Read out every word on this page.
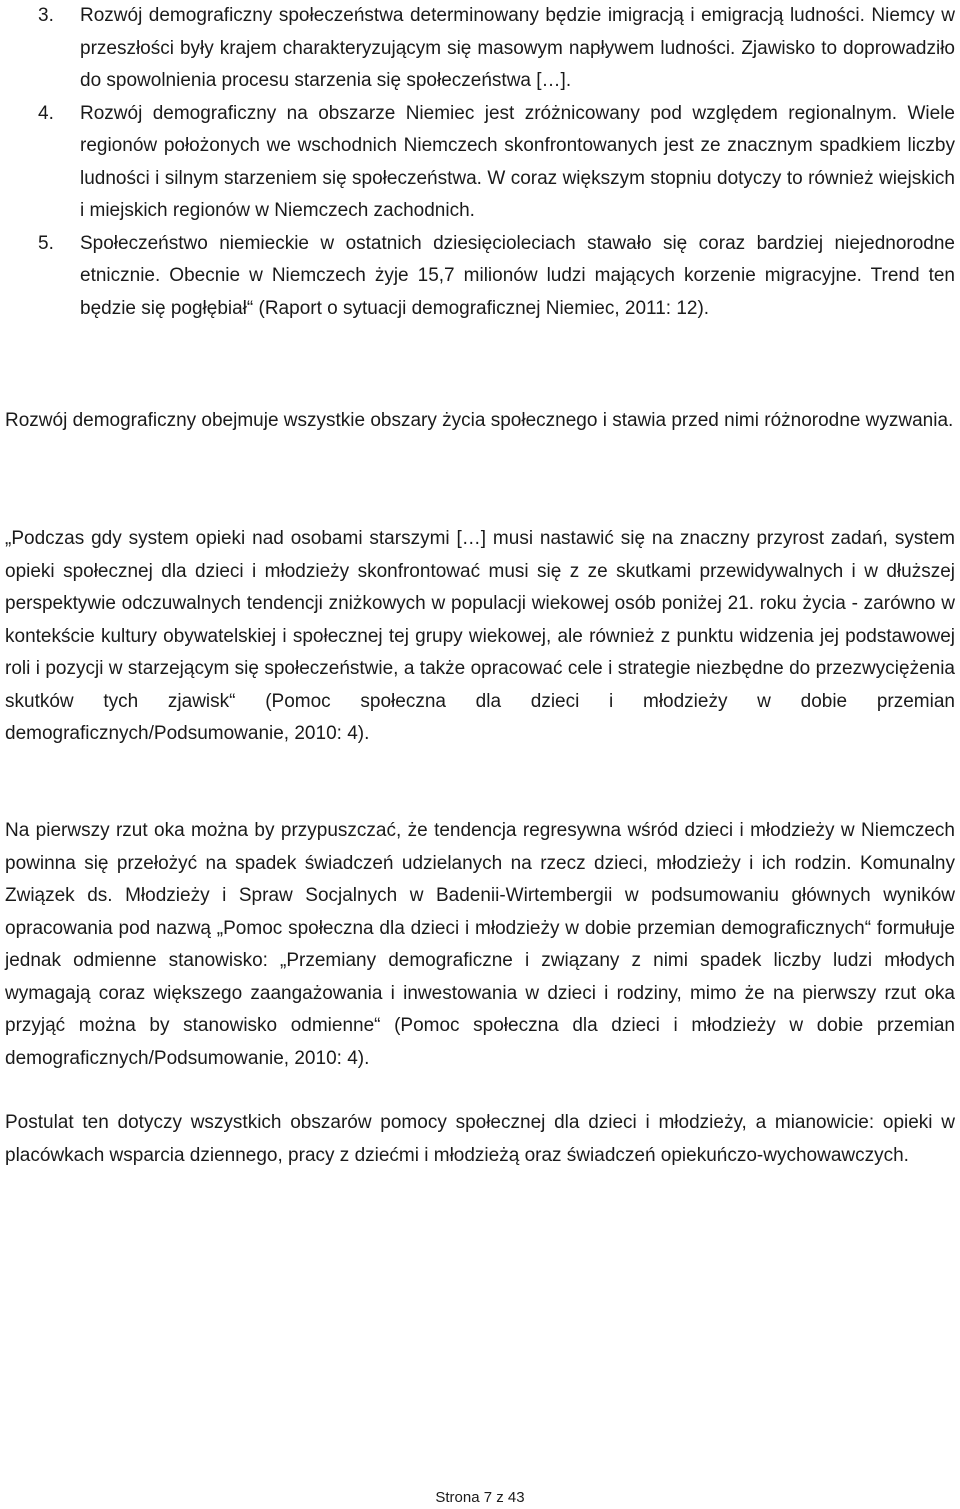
3. Rozwój demograficzny społeczeństwa determinowany będzie imigracją i emigracją ludności. Niemcy w przeszłości były krajem charakteryzującym się masowym napływem ludności. Zjawisko to doprowadziło do spowolnienia procesu starzenia się społeczeństwa […].
4. Rozwój demograficzny na obszarze Niemiec jest zróżnicowany pod względem regionalnym. Wiele regionów położonych we wschodnich Niemczech skonfrontowanych jest ze znacznym spadkiem liczby ludności i silnym starzeniem się społeczeństwa. W coraz większym stopniu dotyczy to również wiejskich i miejskich regionów w Niemczech zachodnich.
5. Społeczeństwo niemieckie w ostatnich dziesięcioleciach stawało się coraz bardziej niejednorodne etnicznie. Obecnie w Niemczech żyje 15,7 milionów ludzi mających korzenie migracyjne. Trend ten będzie się pogłębiał“ (Raport o sytuacji demograficznej Niemiec, 2011: 12).

Rozwój demograficzny obejmuje wszystkie obszary życia społecznego i stawia przed nimi różnorodne wyzwania.

„Podczas gdy system opieki nad osobami starszymi […] musi nastawić się na znaczny przyrost zadań, system opieki społecznej dla dzieci i młodzieży skonfrontować musi się z ze skutkami przewidywalnych i w dłuższej perspektywie odczuwalnych tendencji zniżkowych w populacji wiekowej osób poniżej 21. roku życia - zarówno w kontekście kultury obywatelskiej i społecznej tej grupy wiekowej, ale również z punktu widzenia jej podstawowej roli i pozycji w starzejącym się społeczeństwie, a także opracować cele i strategie niezbędne do przezwyciężenia skutków tych zjawisk“ (Pomoc społeczna dla dzieci i młodzieży w dobie przemian demograficznych/Podsumowanie, 2010: 4).

Na pierwszy rzut oka można by przypuszczać, że tendencja regresywna wśród dzieci i młodzieży w Niemczech powinna się przełożyć na spadek świadczeń udzielanych na rzecz dzieci, młodzieży i ich rodzin. Komunalny Związek ds. Młodzieży i Spraw Socjalnych w Badenii-Wirtembergii w podsumowaniu głównych wyników opracowania pod nazwą „Pomoc społeczna dla dzieci i młodzieży w dobie przemian demograficznych“ formułuje jednak odmienne stanowisko: „Przemiany demograficzne i związany z nimi spadek liczby ludzi młodych wymagają coraz większego zaangażowania i inwestowania w dzieci i rodziny, mimo że na pierwszy rzut oka przyjąć można by stanowisko odmienne“ (Pomoc społeczna dla dzieci i młodzieży w dobie przemian demograficznych/Podsumowanie, 2010: 4).

Postulat ten dotyczy wszystkich obszarów pomocy społecznej dla dzieci i młodzieży, a mianowicie: opieki w placówkach wsparcia dziennego, pracy z dziećmi i młodzieżą oraz świadczeń opiekuńczo-wychowawczych.

Strona 7 z 43
